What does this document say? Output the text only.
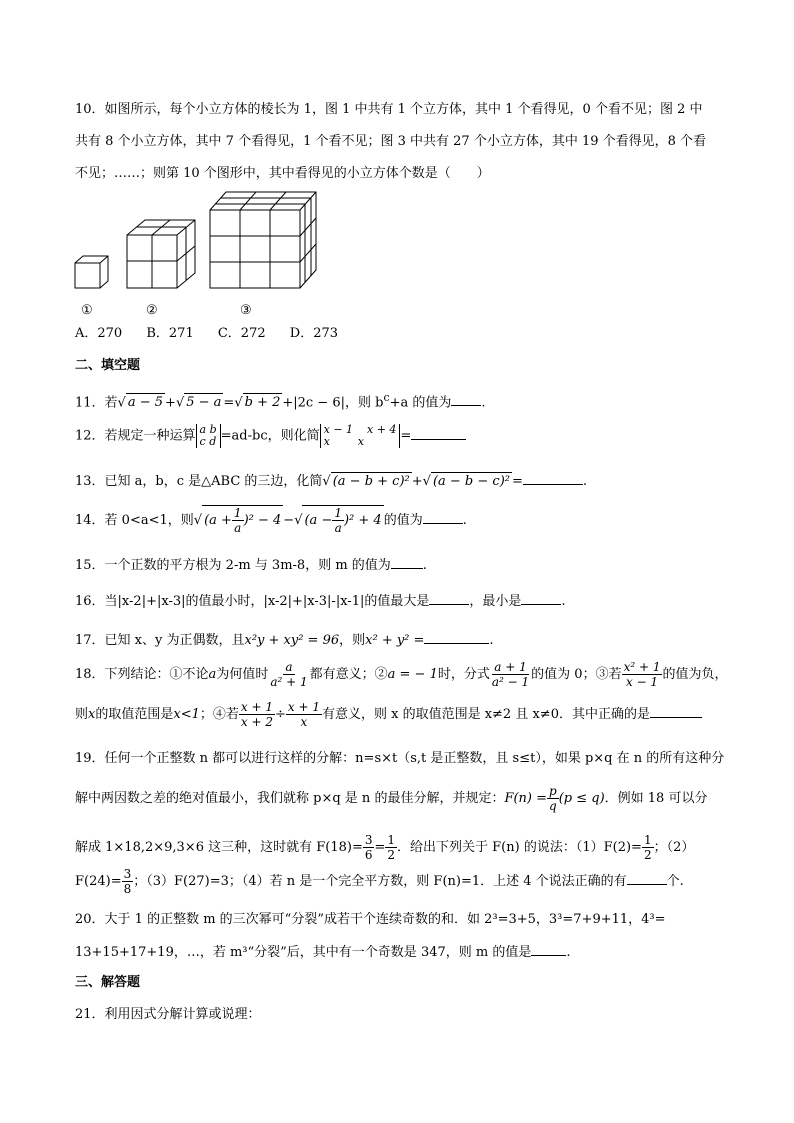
10．如图所示，每个小立方体的棱长为 1，图 1 中共有 1 个立方体，其中 1 个看得见，0 个看不见；图 2 中
共有 8 个小立方体，其中 7 个看得见，1 个看不见；图 3 中共有 27 个小立方体，其中 19 个看得见，8 个看
不见；……；则第 10 个图形中，其中看得见的小立方体个数是（　　）
①	②	③
A．270 B．271 C．272 D．273
二、填空题
11．若√ a − 5 +√ 5 − a =√ b + 2 +|2c − 6|，则 $b^c+a$ 的值为 .
12．若规定一种运算 a b
c d =ad-bc，则化简 x − 1    x + 4
x        x	=
13．已知 a，b，c 是△ABC 的三边，化简√ (a − b + c)² +√ (a − b − c)² =	.
14．若 0<a<1，则√ $(a + \frac{1}{a} )^2 - 4$ −√ $(a - \frac{1}{a} )^2 + 4$ 的值为	.
15．一个正数的平方根为 2-m 与 3m-8，则 m 的值为 .
16．当|x-2|+|x-3|的值最小时，|x-2|+|x-3|-|x-1|的值最大是	，最小是	.
17．已知 x、y 为正偶数，且x²y + xy² = 96，则x² + y² =	.
18．下列结论：①不论a为何值时 $\frac{a}{\text{a² + 1}}$ 都有意义；②a = − 1时，分式 $\frac{a + 1}{\text{a² − 1}}$ 的值为 0；③若 $\frac{\text{x² + 1}}{x - 1}$ 的值为负，
则x的取值范围是x<1；④若 $\frac{x + 1}{x + 2} \div \frac{x + 1}{x}$ 有意义，则 x 的取值范围是 x≠2 且 x≠0．其中正确的是
19．任何一个正整数 n 都可以进行这样的分解：n=s×t（s,t 是正整数，且 s≤t），如果 p×q 在 n 的所有这种分
解中两因数之差的绝对值最小，我们就称 p×q 是 n 的最佳分解，并规定：$F(n) = \frac{p}{q} (p \le q)$．例如 18 可以分
解成 1×18,2×9,3×6 这三种，这时就有 $F(18)= \frac{3}{6} = \frac{1}{2}$ ．给出下列关于 F(n) 的说法：$(1)F(2)= \frac{1}{2}$ ；（2）
$F(24)= \frac{3}{8}$ ；（3）F(27)=3；（4）若 n 是一个完全平方数，则 F(n)=1．上述 4 个说法正确的有	个.
20．大于 1 的正整数 m 的三次幂可“分裂”成若干个连续奇数的和．如 2³=3+5，3³=7+9+11，4³=
13+15+17+19，…，若 m³“分裂”后，其中有一个奇数是 347，则 m 的值是	.
三、解答题
21．利用因式分解计算或说理：
